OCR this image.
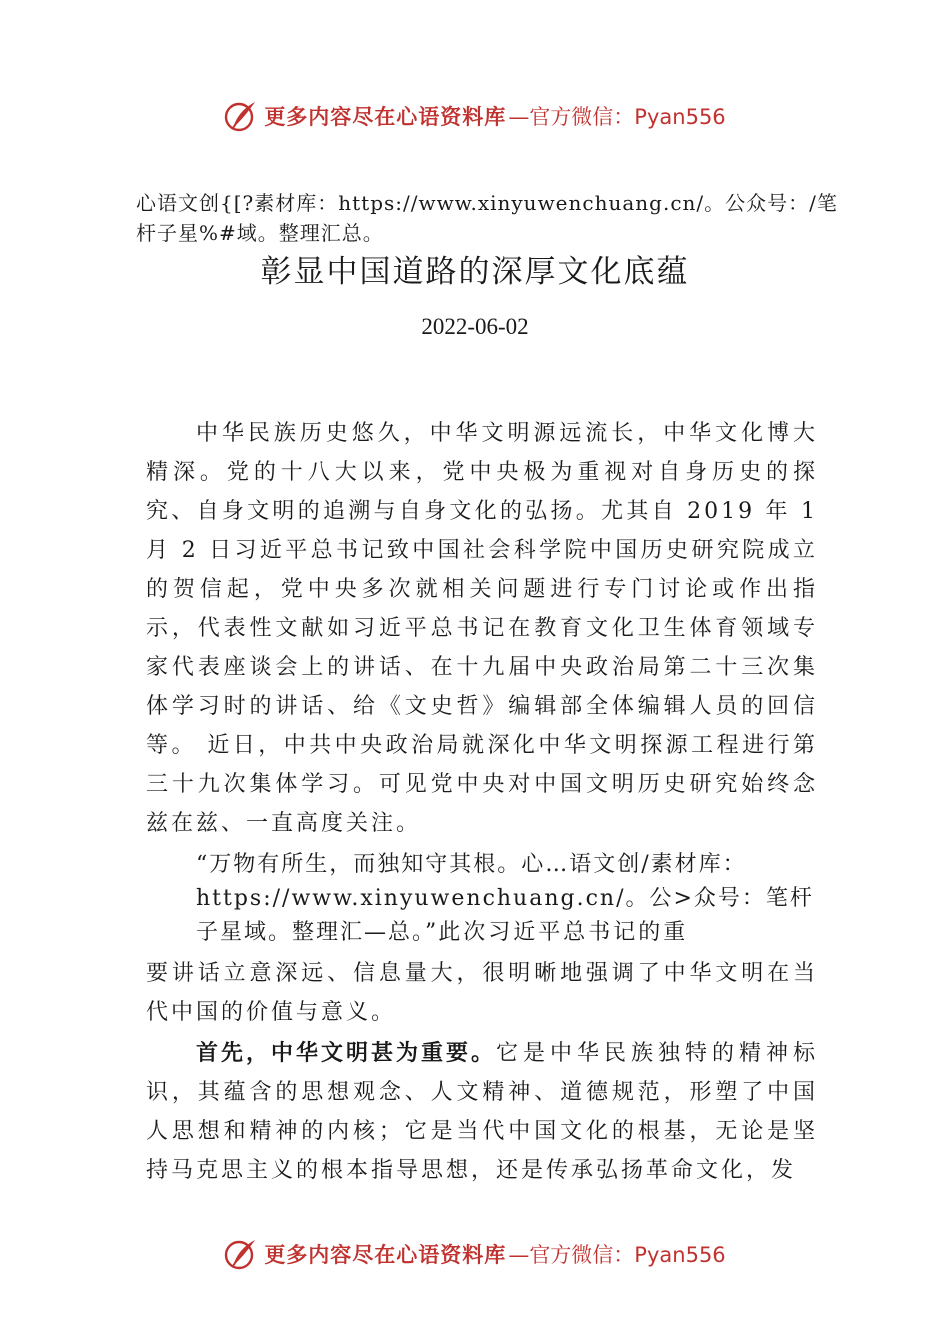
更多内容尽在心语资料库 —官方微信：Pyan556
心语文创{[?素材库：https://www.xinyuwenchuang.cn/。公众号：/笔杆子星%#域。整理汇总。
彰显中国道路的深厚文化底蕴
2022-06-02
中华民族历史悠久，中华文明源远流长，中华文化博大精深。党的十八大以来，党中央极为重视对自身历史的探究、自身文明的追溯与自身文化的弘扬。尤其自 2019 年 1 月 2 日习近平总书记致中国社会科学院中国历史研究院成立的贺信起，党中央多次就相关问题进行专门讨论或作出指示，代表性文献如习近平总书记在教育文化卫生体育领域专家代表座谈会上的讲话、在十九届中央政治局第二十三次集体学习时的讲话、给《文史哲》编辑部全体编辑人员的回信等。 近日，中共中央政治局就深化中华文明探源工程进行第三十九次集体学习。可见党中央对中国文明历史研究始终念兹在兹、一直高度关注。
“万物有所生，而独知守其根。心…语文创/素材库：https://www.xinyuwenchuang.cn/。公>众号：笔杆子星域。整理汇—总。”此次习近平总书记的重
要讲话立意深远、信息量大，很明晰地强调了中华文明在当代中国的价值与意义。
首先，中华文明甚为重要。它是中华民族独特的精神标识，其蕴含的思想观念、人文精神、道德规范，形塑了中国人思想和精神的内核；它是当代中国文化的根基，无论是坚持马克思主义的根本指导思想，还是传承弘扬革命文化，发
更多内容尽在心语资料库 —官方微信：Pyan556
